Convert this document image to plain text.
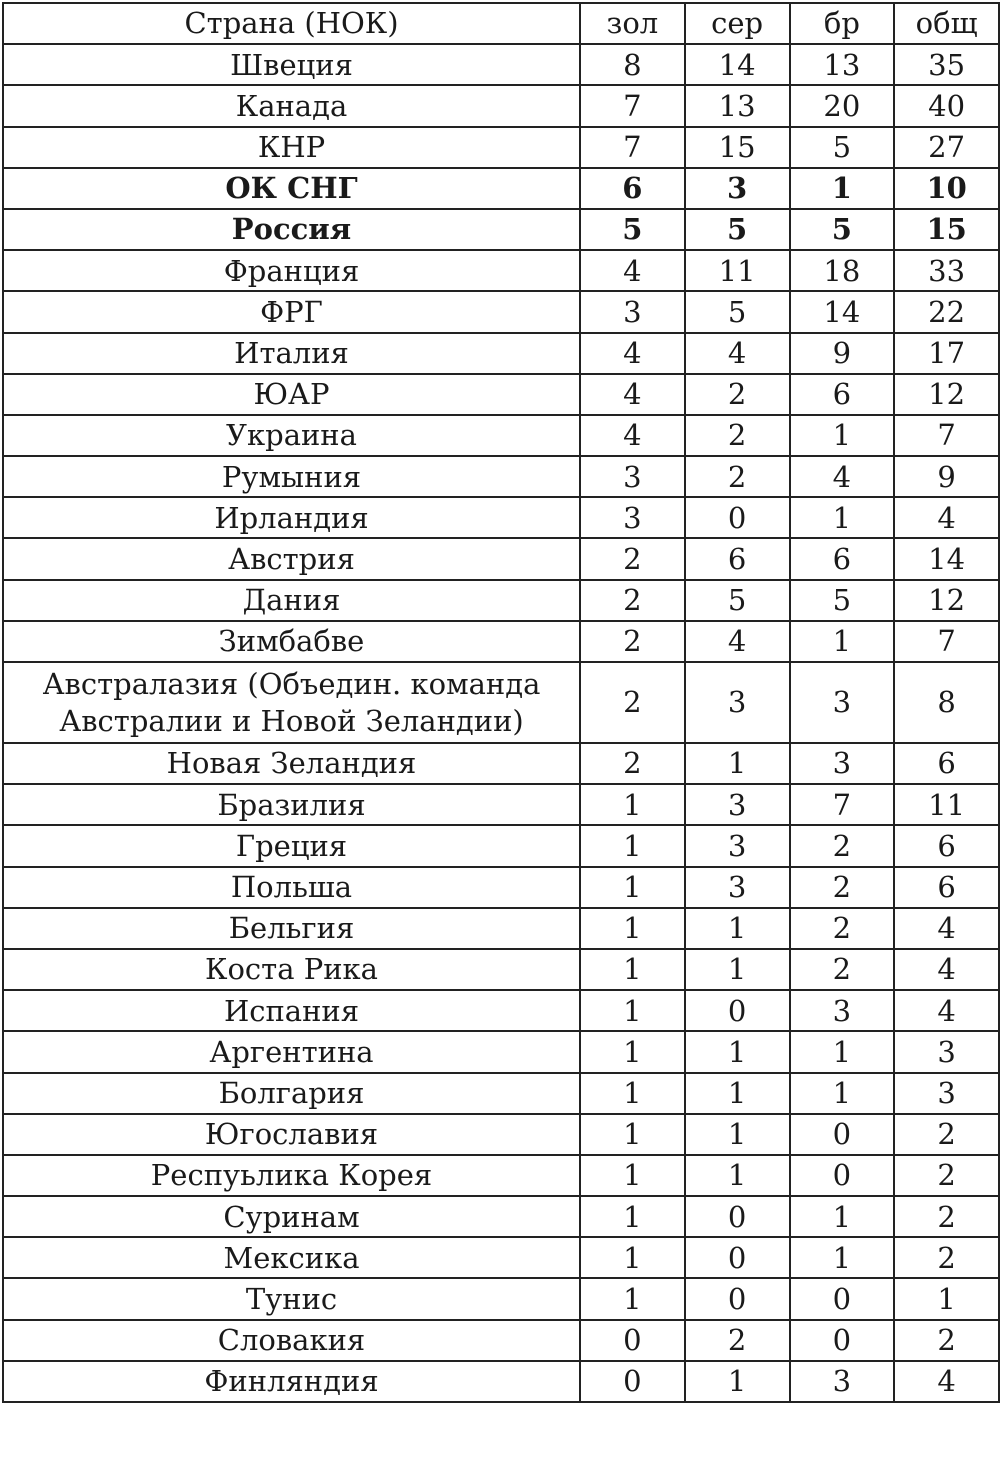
Страна (НОК)	зол	сер	бр	общ
Швеция	8	14	13	35
Канада	7	13	20	40
КНР	7	15	5	27
ОК СНГ	6	3	1	10
Россия	5	5	5	15
Франция	4	11	18	33
ФРГ	3	5	14	22
Италия	4	4	9	17
ЮАР	4	2	6	12
Украина	4	2	1	7
Румыния	3	2	4	9
Ирландия	3	0	1	4
Австрия	2	6	6	14
Дания	2	5	5	12
Зимбабве	2	4	1	7
Австралазия (Объедин. команда Австралии и Новой Зеландии)	2	3	3	8
Новая Зеландия	2	1	3	6
Бразилия	1	3	7	11
Греция	1	3	2	6
Польша	1	3	2	6
Бельгия	1	1	2	4
Коста Рика	1	1	2	4
Испания	1	0	3	4
Аргентина	1	1	1	3
Болгария	1	1	1	3
Югославия	1	1	0	2
Респуьлика Корея	1	1	0	2
Суринам	1	0	1	2
Мексика	1	0	1	2
Тунис	1	0	0	1
Словакия	0	2	0	2
Финляндия	0	1	3	4
